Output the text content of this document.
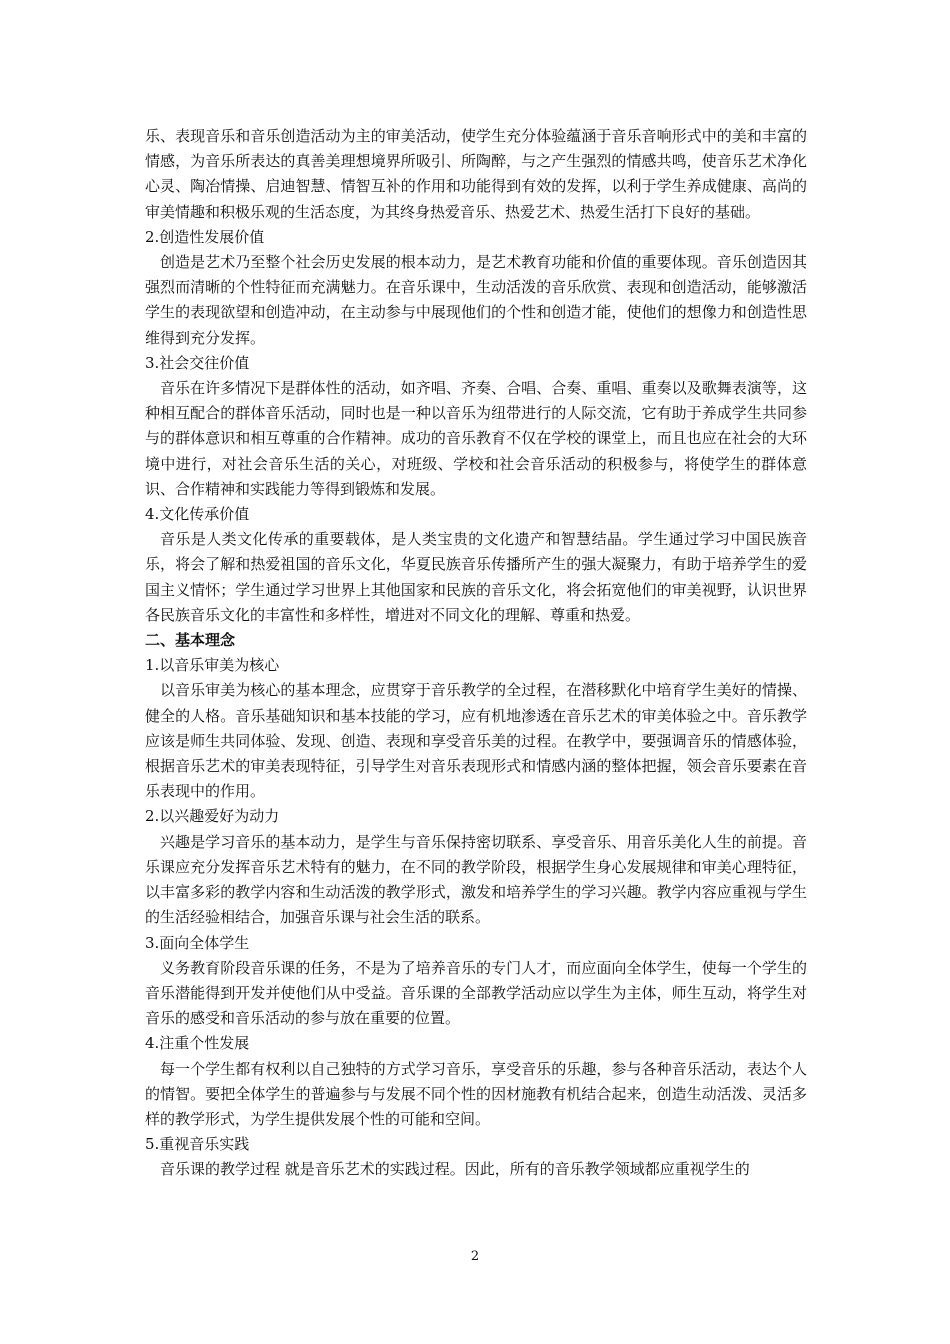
乐、表现音乐和音乐创造活动为主的审美活动，使学生充分体验蕴涵于音乐音响形式中的美和丰富的情感，为音乐所表达的真善美理想境界所吸引、所陶醉，与之产生强烈的情感共鸣，使音乐艺术净化心灵、陶冶情操、启迪智慧、情智互补的作用和功能得到有效的发挥，以利于学生养成健康、高尚的审美情趣和积极乐观的生活态度，为其终身热爱音乐、热爱艺术、热爱生活打下良好的基础。

2.创造性发展价值

创造是艺术乃至整个社会历史发展的根本动力，是艺术教育功能和价值的重要体现。音乐创造因其强烈而清晰的个性特征而充满魅力。在音乐课中，生动活泼的音乐欣赏、表现和创造活动，能够激活学生的表现欲望和创造冲动，在主动参与中展现他们的个性和创造才能，使他们的想像力和创造性思维得到充分发挥。

3.社会交往价值

音乐在许多情况下是群体性的活动，如齐唱、齐奏、合唱、合奏、重唱、重奏以及歌舞表演等，这种相互配合的群体音乐活动，同时也是一种以音乐为纽带进行的人际交流，它有助于养成学生共同参与的群体意识和相互尊重的合作精神。成功的音乐教育不仅在学校的课堂上，而且也应在社会的大环境中进行，对社会音乐生活的关心，对班级、学校和社会音乐活动的积极参与，将使学生的群体意识、合作精神和实践能力等得到锻炼和发展。

4.文化传承价值

音乐是人类文化传承的重要载体，是人类宝贵的文化遗产和智慧结晶。学生通过学习中国民族音乐，将会了解和热爱祖国的音乐文化，华夏民族音乐传播所产生的强大凝聚力，有助于培养学生的爱国主义情怀；学生通过学习世界上其他国家和民族的音乐文化，将会拓宽他们的审美视野，认识世界各民族音乐文化的丰富性和多样性，增进对不同文化的理解、尊重和热爱。

二、基本理念

1.以音乐审美为核心

以音乐审美为核心的基本理念，应贯穿于音乐教学的全过程，在潜移默化中培育学生美好的情操、健全的人格。音乐基础知识和基本技能的学习，应有机地渗透在音乐艺术的审美体验之中。音乐教学应该是师生共同体验、发现、创造、表现和享受音乐美的过程。在教学中，要强调音乐的情感体验，根据音乐艺术的审美表现特征，引导学生对音乐表现形式和情感内涵的整体把握，领会音乐要素在音乐表现中的作用。

2.以兴趣爱好为动力

兴趣是学习音乐的基本动力，是学生与音乐保持密切联系、享受音乐、用音乐美化人生的前提。音乐课应充分发挥音乐艺术特有的魅力，在不同的教学阶段，根据学生身心发展规律和审美心理特征，以丰富多彩的教学内容和生动活泼的教学形式，激发和培养学生的学习兴趣。教学内容应重视与学生的生活经验相结合，加强音乐课与社会生活的联系。

3.面向全体学生

义务教育阶段音乐课的任务，不是为了培养音乐的专门人才，而应面向全体学生，使每一个学生的音乐潜能得到开发并使他们从中受益。音乐课的全部教学活动应以学生为主体，师生互动，将学生对音乐的感受和音乐活动的参与放在重要的位置。

4.注重个性发展

每一个学生都有权利以自己独特的方式学习音乐，享受音乐的乐趣，参与各种音乐活动，表达个人的情智。要把全体学生的普遍参与与发展不同个性的因材施教有机结合起来，创造生动活泼、灵活多样的教学形式，为学生提供发展个性的可能和空间。

5.重视音乐实践

音乐课的教学过程 就是音乐艺术的实践过程。因此，所有的音乐教学领域都应重视学生的

2
